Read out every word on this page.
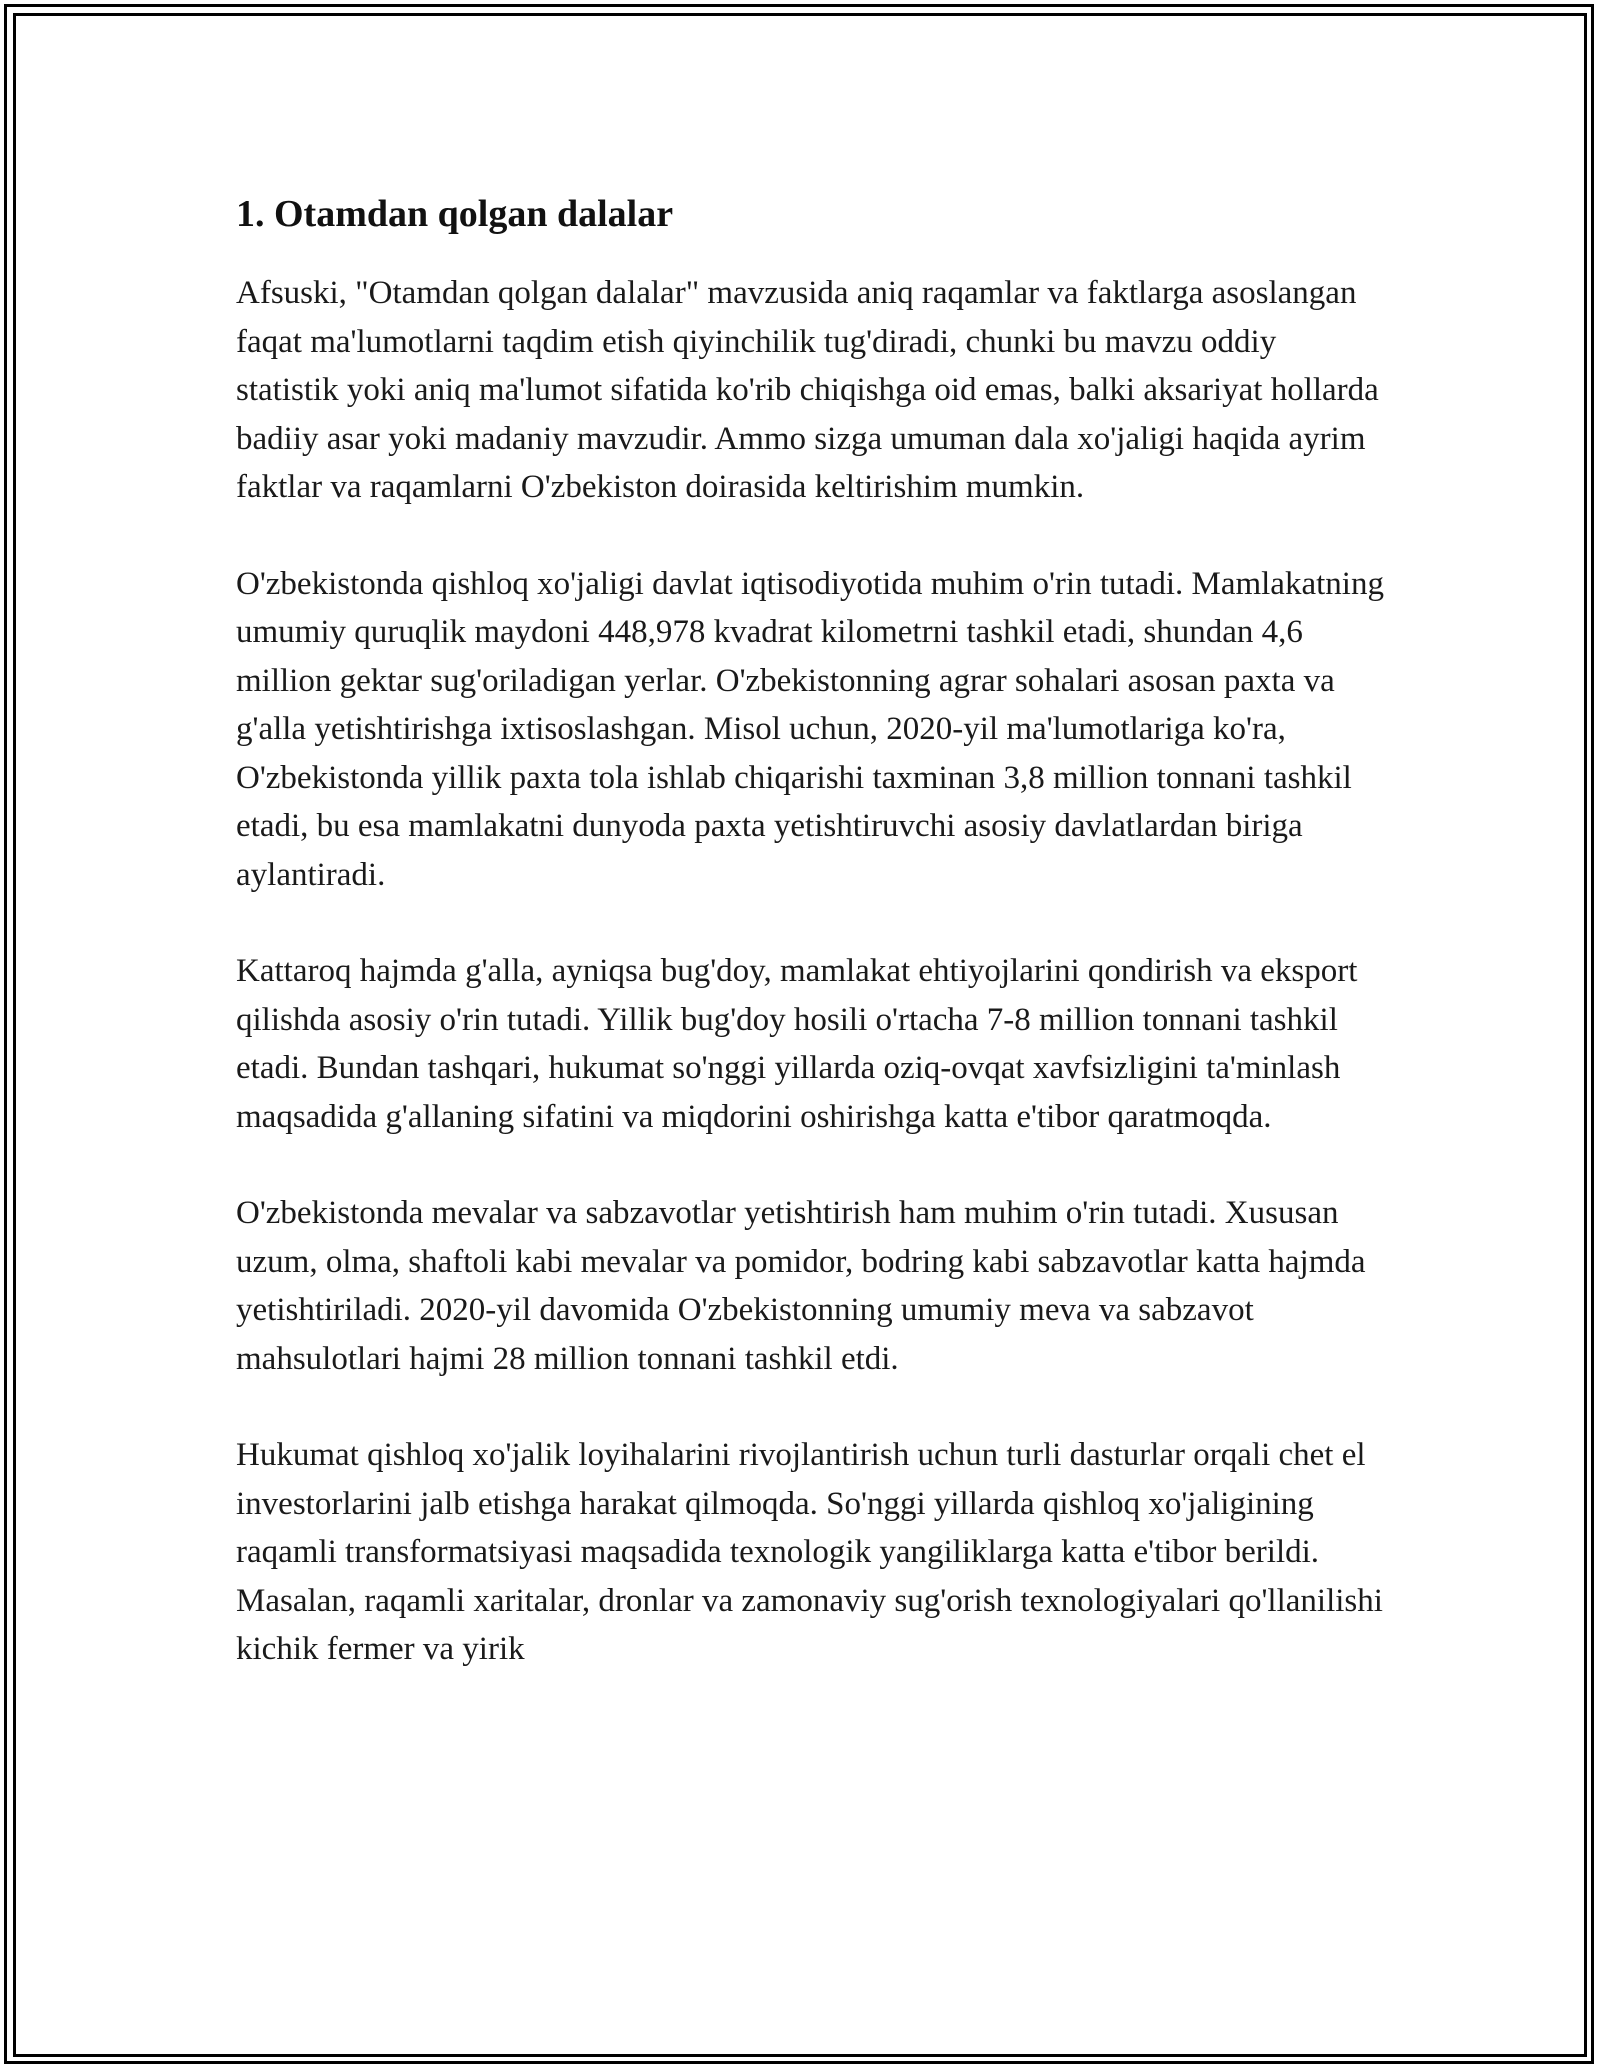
1. Otamdan qolgan dalalar

Afsuski, "Otamdan qolgan dalalar" mavzusida aniq raqamlar va faktlarga asoslangan faqat ma'lumotlarni taqdim etish qiyinchilik tug'diradi, chunki bu mavzu oddiy statistik yoki aniq ma'lumot sifatida ko'rib chiqishga oid emas, balki aksariyat hollarda badiiy asar yoki madaniy mavzudir. Ammo sizga umuman dala xo'jaligi haqida ayrim faktlar va raqamlarni O'zbekiston doirasida keltirishim mumkin.

O'zbekistonda qishloq xo'jaligi davlat iqtisodiyotida muhim o'rin tutadi. Mamlakatning umumiy quruqlik maydoni 448,978 kvadrat kilometrni tashkil etadi, shundan 4,6 million gektar sug'oriladigan yerlar. O'zbekistonning agrar sohalari asosan paxta va g'alla yetishtirishga ixtisoslashgan. Misol uchun, 2020-yil ma'lumotlariga ko'ra, O'zbekistonda yillik paxta tola ishlab chiqarishi taxminan 3,8 million tonnani tashkil etadi, bu esa mamlakatni dunyoda paxta yetishtiruvchi asosiy davlatlardan biriga aylantiradi.

Kattaroq hajmda g'alla, ayniqsa bug'doy, mamlakat ehtiyojlarini qondirish va eksport qilishda asosiy o'rin tutadi. Yillik bug'doy hosili o'rtacha 7-8 million tonnani tashkil etadi. Bundan tashqari, hukumat so'nggi yillarda oziq-ovqat xavfsizligini ta'minlash maqsadida g'allaning sifatini va miqdorini oshirishga katta e'tibor qaratmoqda.

O'zbekistonda mevalar va sabzavotlar yetishtirish ham muhim o'rin tutadi. Xususan uzum, olma, shaftoli kabi mevalar va pomidor, bodring kabi sabzavotlar katta hajmda yetishtiriladi. 2020-yil davomida O'zbekistonning umumiy meva va sabzavot mahsulotlari hajmi 28 million tonnani tashkil etdi.

Hukumat qishloq xo'jalik loyihalarini rivojlantirish uchun turli dasturlar orqali chet el investorlarini jalb etishga harakat qilmoqda. So'nggi yillarda qishloq xo'jaligining raqamli transformatsiyasi maqsadida texnologik yangiliklarga katta e'tibor berildi. Masalan, raqamli xaritalar, dronlar va zamonaviy sug'orish texnologiyalari qo'llanilishi kichik fermer va yirik
